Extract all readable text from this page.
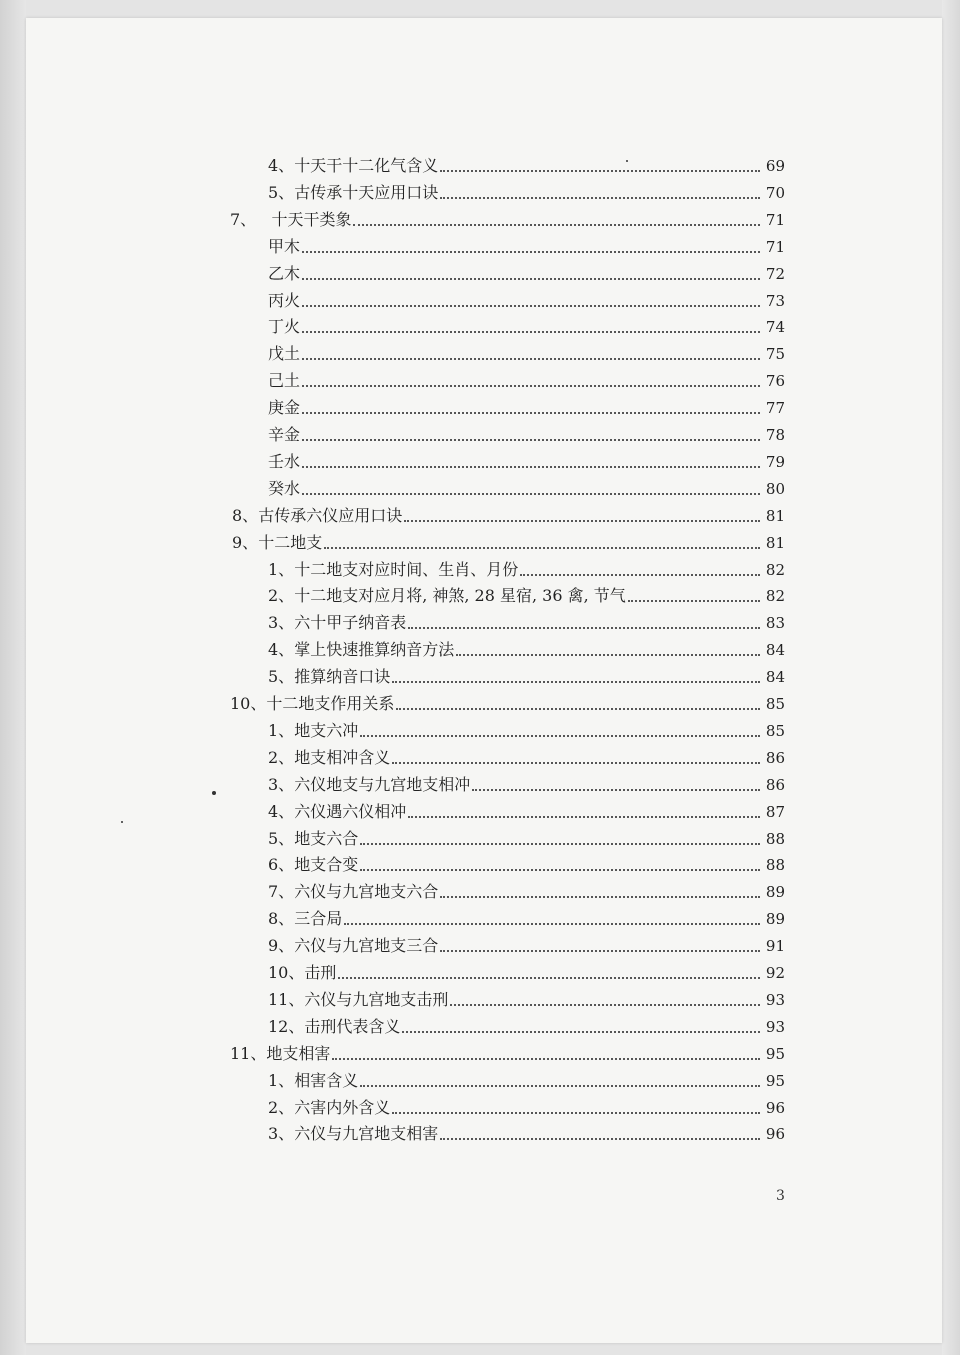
4、 十天干十二化气含义	69
5、 古传承十天应用口诀	70
7、 十天干类象	71
甲木	71
乙木	72
丙火	73
丁火	74
戊土	75
己土	76
庚金	77
辛金	78
壬水	79
癸水	80
8、 古传承六仪应用口诀	81
9、 十二地支	81
1、 十二地支对应时间、生肖、月份	82
2、 十二地支对应月将, 神煞, 28 星宿, 36 禽, 节气	82
3、 六十甲子纳音表	83
4、 掌上快速推算纳音方法	84
5、 推算纳音口诀	84
10、 十二地支作用关系	85
1、 地支六冲	85
2、 地支相冲含义	86
3、 六仪地支与九宫地支相冲	86
4、 六仪遇六仪相冲	87
5、 地支六合	88
6、 地支合变	88
7、 六仪与九宫地支六合	89
8、 三合局	89
9、 六仪与九宫地支三合	91
10、 击刑	92
11、 六仪与九宫地支击刑	93
12、 击刑代表含义	93
11、 地支相害	95
1、 相害含义	95
2、 六害内外含义	96
3、 六仪与九宫地支相害	96
3
